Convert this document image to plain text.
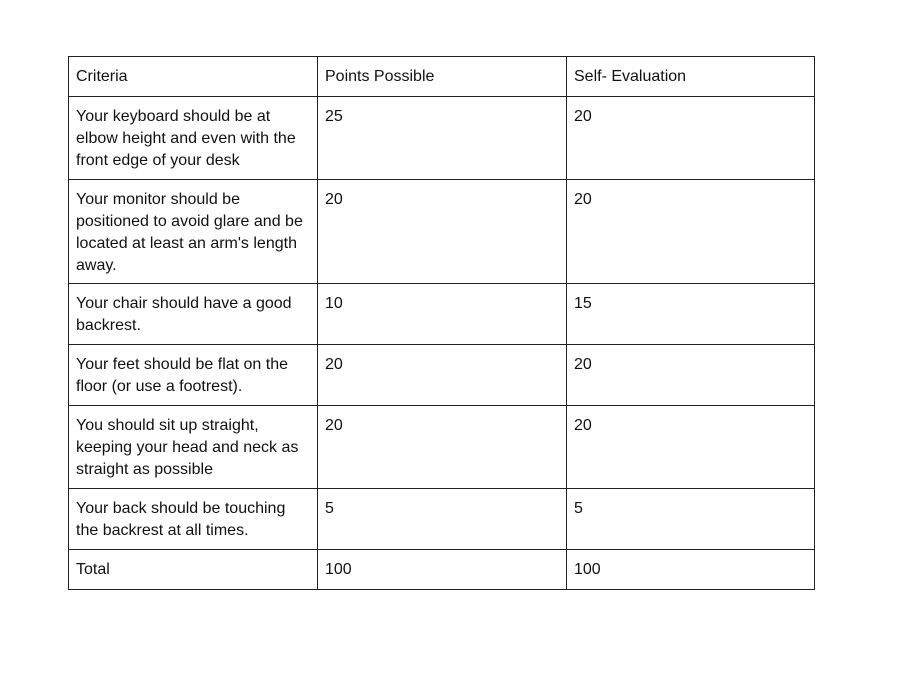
Criteria	Points Possible	Self- Evaluation
Your keyboard should be at elbow height and even with the front edge of your desk	25	20
Your monitor should be positioned to avoid glare and be located at least an arm's length away.	20	20
Your chair should have a good backrest.	10	15
Your feet should be flat on the floor (or use a footrest).	20	20
You should sit up straight, keeping your head and neck as straight as possible	20	20
Your back should be touching the backrest at all times.	5	5
Total	100	100
